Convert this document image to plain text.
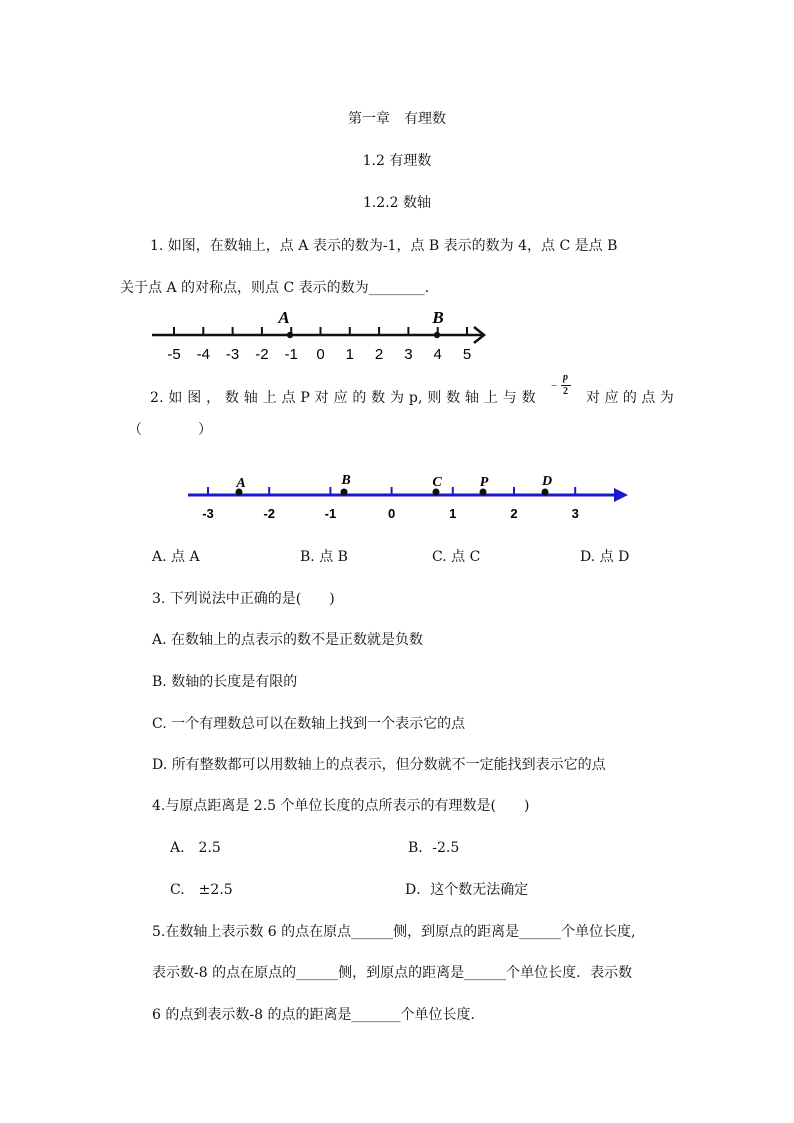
第一章　有理数
1.2 有理数
1.2.2 数轴
1. 如图，在数轴上，点 A 表示的数为-1，点 B 表示的数为 4，点 C 是点 B
关于点 A 的对称点，则点 C 表示的数为________.
-5 -4 -3 -2 -1 0 1 2 3 4 5
A	B
2. 如 图 ， 数 轴 上 点 P 对 应 的 数 为 p, 则 数 轴 上 与 数
−
p
2 对 应 的 点 为
（　　　　）
-3	-2	-1	0	1	2	3
A	B	C	P	D
A. 点 A	B. 点 B	C. 点 C	D. 点 D
3. 下列说法中正确的是(　　)
A. 在数轴上的点表示的数不是正数就是负数
B. 数轴的长度是有限的
C. 一个有理数总可以在数轴上找到一个表示它的点
D. 所有整数都可以用数轴上的点表示，但分数就不一定能找到表示它的点
4.与原点距离是 2.5 个单位长度的点所表示的有理数是(　　)
A.　2.5	B．-2.5
C.　±2.5	D．这个数无法确定
5.在数轴上表示数 6 的点在原点______侧，到原点的距离是______个单位长度,
表示数-8 的点在原点的______侧，到原点的距离是______个单位长度．表示数
6 的点到表示数-8 的点的距离是_______个单位长度.
